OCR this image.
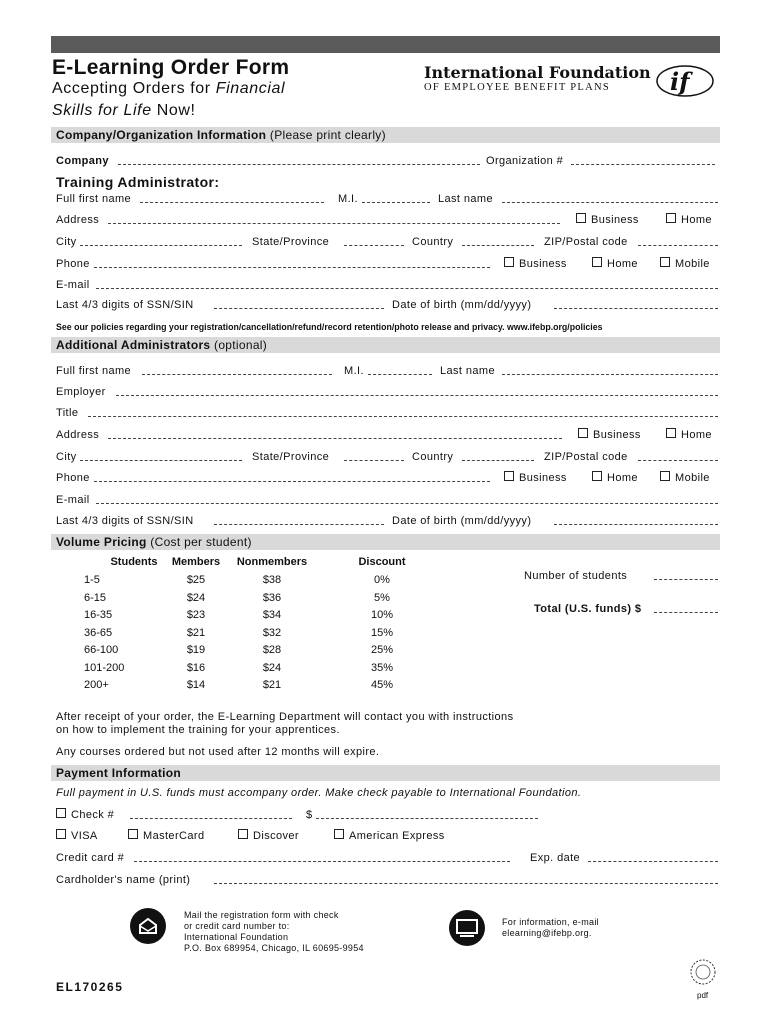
E-Learning Order Form
Accepting Orders for Financial
Skills for Life Now!
International Foundation
OF EMPLOYEE BENEFIT PLANS if
Company/Organization Information (Please print clearly)
Company	Organization #
Training Administrator:
Full first name	M.I.	Last name
Address	Business	Home
City	State/Province	Country	ZIP/Postal code
Phone	Business	Home	Mobile
E-mail
Last 4/3 digits of SSN/SIN	Date of birth (mm/dd/yyyy)
See our policies regarding your registration/cancellation/refund/record retention/photo release and privacy. www.ifebp.org/policies
Additional Administrators (optional)
Full first name	M.I.	Last name
Employer
Title
Address	Business	Home
City	State/Province	Country	ZIP/Postal code
Phone	Business	Home	Mobile
E-mail
Last 4/3 digits of SSN/SIN	Date of birth (mm/dd/yyyy)
Volume Pricing (Cost per student)
Students	Members	Nonmembers	Discount
1-5	$25	$38	0%
6-15	$24	$36	5%
16-35	$23	$34	10%
36-65	$21	$32	15%
66-100	$19	$28	25%
101-200	$16	$24	35%
200+	$14	$21	45%
Number of students
Total (U.S. funds) $
After receipt of your order, the E-Learning Department will contact you with instructions
on how to implement the training for your apprentices.
Any courses ordered but not used after 12 months will expire.
Payment Information
Full payment in U.S. funds must accompany order. Make check payable to International Foundation.
Check #	$
VISA	MasterCard	Discover	American Express
Credit card #	Exp. date
Cardholder's name (print)
Mail the registration form with check
or credit card number to:
International Foundation
P.O. Box 689954, Chicago, IL 60695-9954
For information, e-mail
elearning@ifebp.org.
EL170265
pdf
